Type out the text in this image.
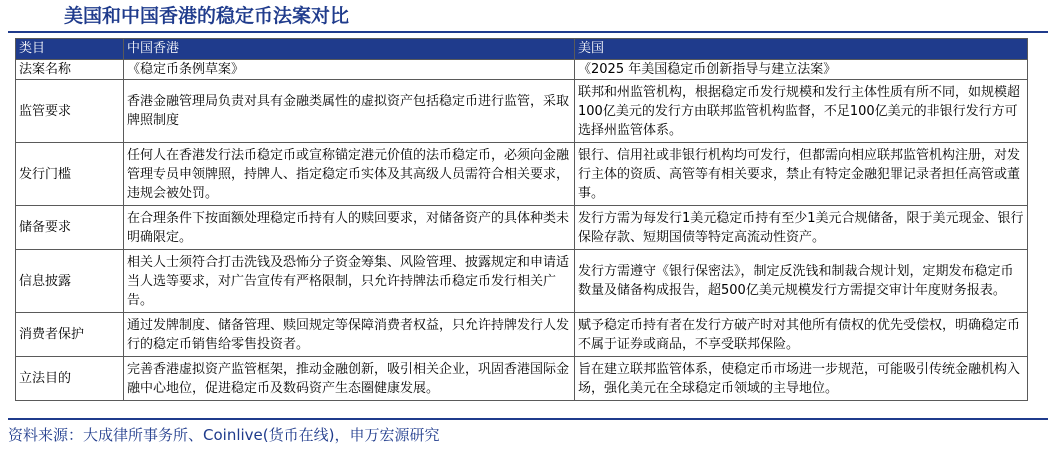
美国和中国香港的稳定币法案对比
类目	中国香港	美国
法案名称	《稳定币条例草案》	《2025 年美国稳定币创新指导与建立法案》
监管要求	香港金融管理局负责对具有金融类属性的虚拟资产包括稳定币进行监管，采取牌照制度	联邦和州监管机构，根据稳定币发行规模和发行主体性质有所不同，如规模超100亿美元的发行方由联邦监管机构监督，不足100亿美元的非银行发行方可选择州监管体系。
发行门槛	任何人在香港发行法币稳定币或宣称锚定港元价值的法币稳定币，必须向金融管理专员申领牌照，持牌人、指定稳定币实体及其高级人员需符合相关要求，违规会被处罚。	银行、信用社或非银行机构均可发行，但都需向相应联邦监管机构注册，对发行主体的资质、高管等有相关要求，禁止有特定金融犯罪记录者担任高管或董事。
储备要求	在合理条件下按面额处理稳定币持有人的赎回要求，对储备资产的具体种类未明确限定。	发行方需为每发行1美元稳定币持有至少1美元合规储备，限于美元现金、银行保险存款、短期国债等特定高流动性资产。
信息披露	相关人士须符合打击洗钱及恐怖分子资金筹集、风险管理、披露规定和申请适当人选等要求，对广告宣传有严格限制，只允许持牌法币稳定币发行相关广告。	发行方需遵守《银行保密法》，制定反洗钱和制裁合规计划，定期发布稳定币数量及储备构成报告，超500亿美元规模发行方需提交审计年度财务报表。
消费者保护	通过发牌制度、储备管理、赎回规定等保障消费者权益，只允许持牌发行人发行的稳定币销售给零售投资者。	赋予稳定币持有者在发行方破产时对其他所有债权的优先受偿权，明确稳定币不属于证券或商品，不享受联邦保险。
立法目的	完善香港虚拟资产监管框架，推动金融创新，吸引相关企业，巩固香港国际金融中心地位，促进稳定币及数码资产生态圈健康发展。	旨在建立联邦监管体系，使稳定币市场进一步规范，可能吸引传统金融机构入场，强化美元在全球稳定币领域的主导地位。
资料来源：大成律所事务所、Coinlive(货币在线)，申万宏源研究
